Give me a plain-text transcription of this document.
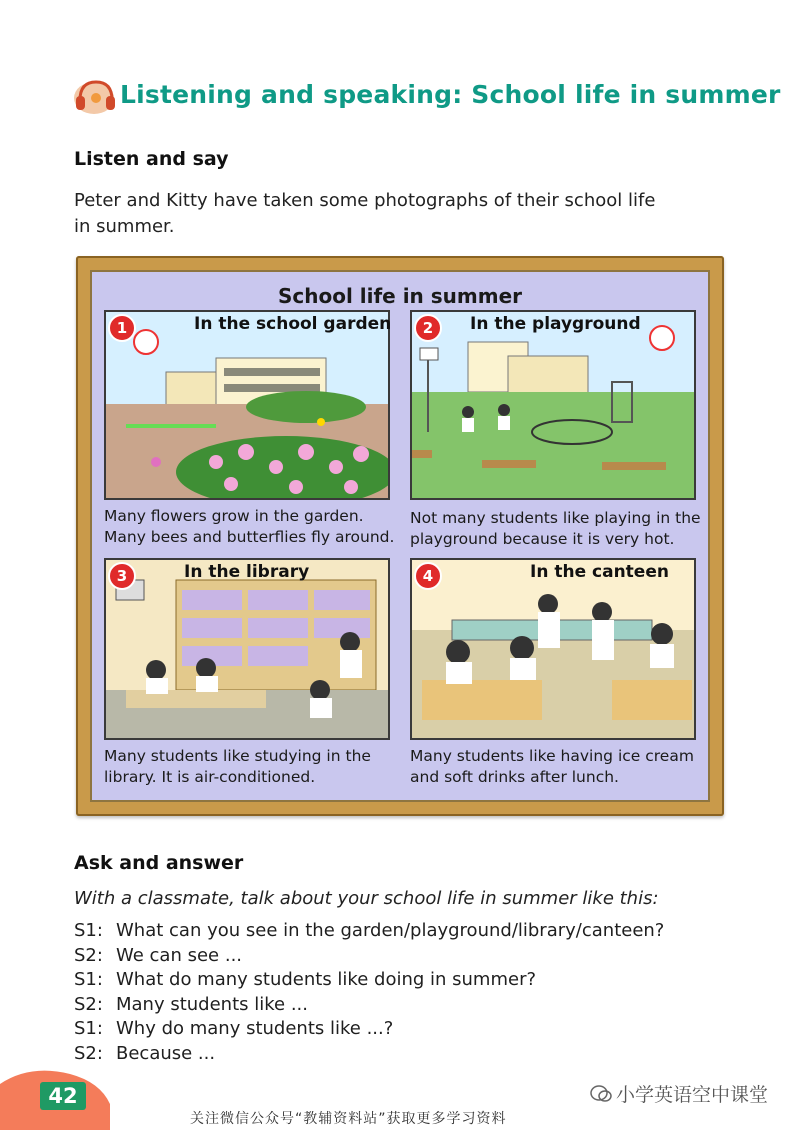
Listening and speaking: School life in summer
Listen and say
Peter and Kitty have taken some photographs of their school life in summer.
School life in summer
1	In the school garden
Many flowers grow in the garden. Many bees and butterflies fly around.
2	In the playground
Not many students like playing in the playground because it is very hot.
3	In the library
Many students like studying in the library. It is air-conditioned.
4	In the canteen
Many students like having ice cream and soft drinks after lunch.
Ask and answer
With a classmate, talk about your school life in summer like this:
S1: What can you see in the garden/playground/library/canteen?
S2: We can see ...
S1: What do many students like doing in summer?
S2: Many students like ...
S1: Why do many students like ...?
S2: Because ...
42	小学英语空中课堂
关注微信公众号“教辅资料站”获取更多学习资料
